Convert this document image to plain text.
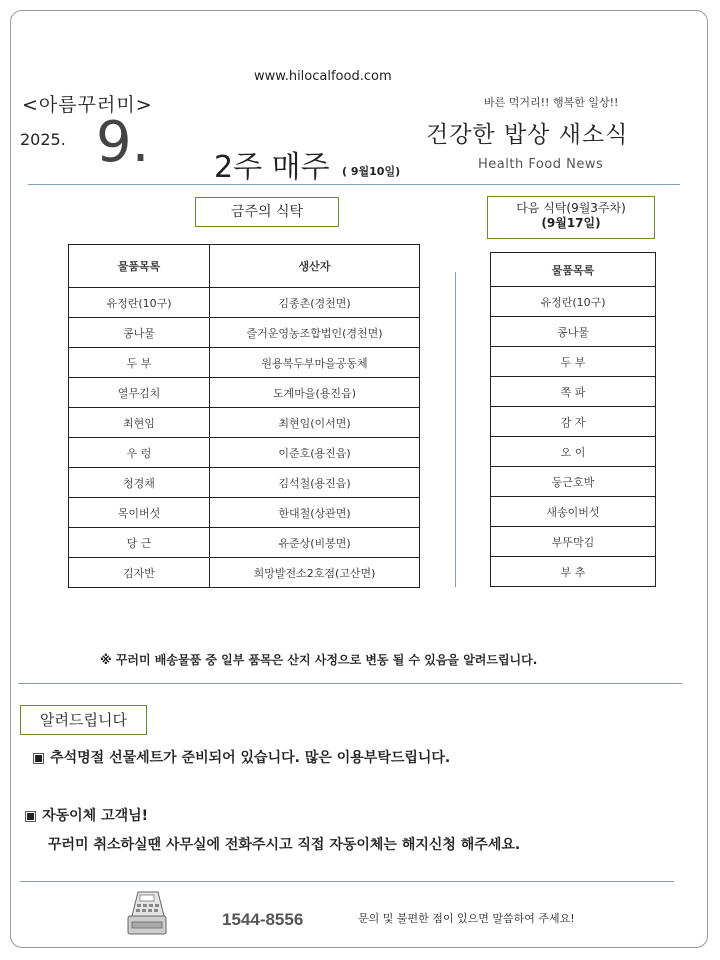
www.hilocalfood.com
<아름꾸러미>
2025. 9. 2주 매주 ( 9월10일)
바른 먹거리!! 행복한 일상!!
건강한 밥상 새소식
Health Food News
금주의 식탁	다음 식탁(9월3주차)
(9월17일)
물품목록	생산자
유정란(10구)	김종촌(경천면)
콩나물	즐거운영농조합법인(경천면)
두 부	원용복두부마을공동체
열무김치	도계마을(용진읍)
최현임	최현임(이서면)
우 렁	이준호(용진읍)
청경채	김석철(용진읍)
목이버섯	한대철(상관면)
당 근	유준상(비봉면)
김자반	희망발전소2호점(고산면)
물품목록
유정란(10구)
콩나물
두 부
쪽 파
감 자
오 이
둥근호박
새송이버섯
부뚜막김
부 추
※ 꾸러미 배송물품 중 일부 품목은 산지 사정으로 변동 될 수 있음을 알려드립니다.
알려드립니다
▣ 추석명절 선물세트가 준비되어 있습니다. 많은 이용부탁드립니다.
▣ 자동이체 고객님!
꾸러미 취소하실땐 사무실에 전화주시고 직접 자동이체는 해지신청 해주세요.
1544-8556	문의 및 불편한 점이 있으면 말씀하여 주세요!
